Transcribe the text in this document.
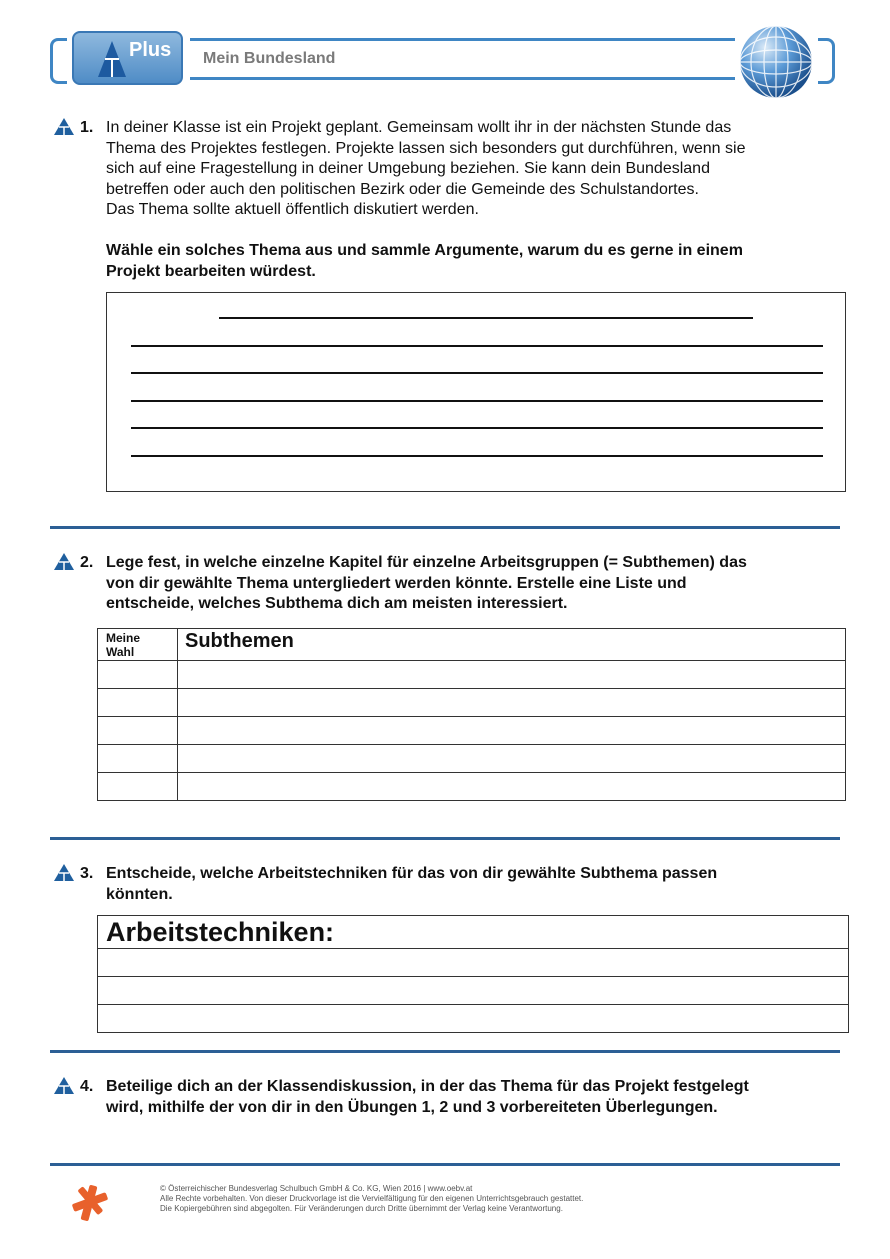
Plus Mein Bundesland
1. In deiner Klasse ist ein Projekt geplant. Gemeinsam wollt ihr in der nächsten Stunde das
Thema des Projektes festlegen. Projekte lassen sich besonders gut durchführen, wenn sie
sich auf eine Fragestellung in deiner Umgebung beziehen. Sie kann dein Bundesland
betreffen oder auch den politischen Bezirk oder die Gemeinde des Schulstandortes.
Das Thema sollte aktuell öffentlich diskutiert werden.
Wähle ein solches Thema aus und sammle Argumente, warum du es gerne in einem
Projekt bearbeiten würdest.
2. Lege fest, in welche einzelne Kapitel für einzelne Arbeitsgruppen (= Subthemen) das
von dir gewählte Thema untergliedert werden könnte. Erstelle eine Liste und
entscheide, welches Subthema dich am meisten interessiert.
Meine
Wahl	Subthemen

3. Entscheide, welche Arbeitstechniken für das von dir gewählte Subthema passen
könnten.
Arbeitstechniken:

4. Beteilige dich an der Klassendiskussion, in der das Thema für das Projekt festgelegt
wird, mithilfe der von dir in den Übungen 1, 2 und 3 vorbereiteten Überlegungen.
© Österreichischer Bundesverlag Schulbuch GmbH & Co. KG, Wien 2016 | www.oebv.at
Alle Rechte vorbehalten. Von dieser Druckvorlage ist die Vervielfältigung für den eigenen Unterrichtsgebrauch gestattet.
Die Kopiergebühren sind abgegolten. Für Veränderungen durch Dritte übernimmt der Verlag keine Verantwortung.
